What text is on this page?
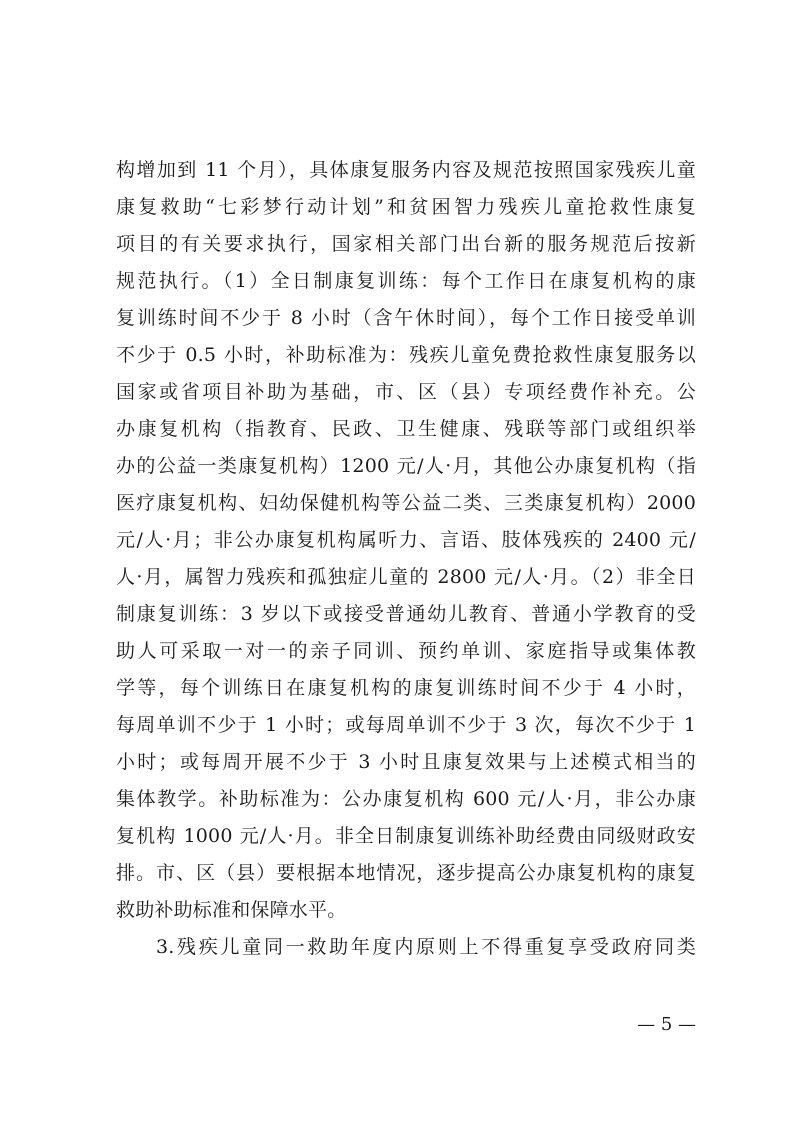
构增加到 11 个月），具体康复服务内容及规范按照国家残疾儿童
康复救助“七彩梦行动计划”和贫困智力残疾儿童抢救性康复
项目的有关要求执行，国家相关部门出台新的服务规范后按新
规范执行。（1）全日制康复训练：每个工作日在康复机构的康
复训练时间不少于 8 小时（含午休时间），每个工作日接受单训
不少于 0.5 小时，补助标准为：残疾儿童免费抢救性康复服务以
国家或省项目补助为基础，市、区（县）专项经费作补充。公
办康复机构（指教育、民政、卫生健康、残联等部门或组织举
办的公益一类康复机构）1200 元/人·月，其他公办康复机构（指
医疗康复机构、妇幼保健机构等公益二类、三类康复机构）2000
元/人·月；非公办康复机构属听力、言语、肢体残疾的 2400 元/
人·月，属智力残疾和孤独症儿童的 2800 元/人·月。（2）非全日
制康复训练：3 岁以下或接受普通幼儿教育、普通小学教育的受
助人可采取一对一的亲子同训、预约单训、家庭指导或集体教
学等，每个训练日在康复机构的康复训练时间不少于 4 小时，
每周单训不少于 1 小时；或每周单训不少于 3 次，每次不少于 1
小时；或每周开展不少于 3 小时且康复效果与上述模式相当的
集体教学。补助标准为：公办康复机构 600 元/人·月，非公办康
复机构 1000 元/人·月。非全日制康复训练补助经费由同级财政安
排。市、区（县）要根据本地情况，逐步提高公办康复机构的康复
救助补助标准和保障水平。
3.残疾儿童同一救助年度内原则上不得重复享受政府同类
— 5 —
